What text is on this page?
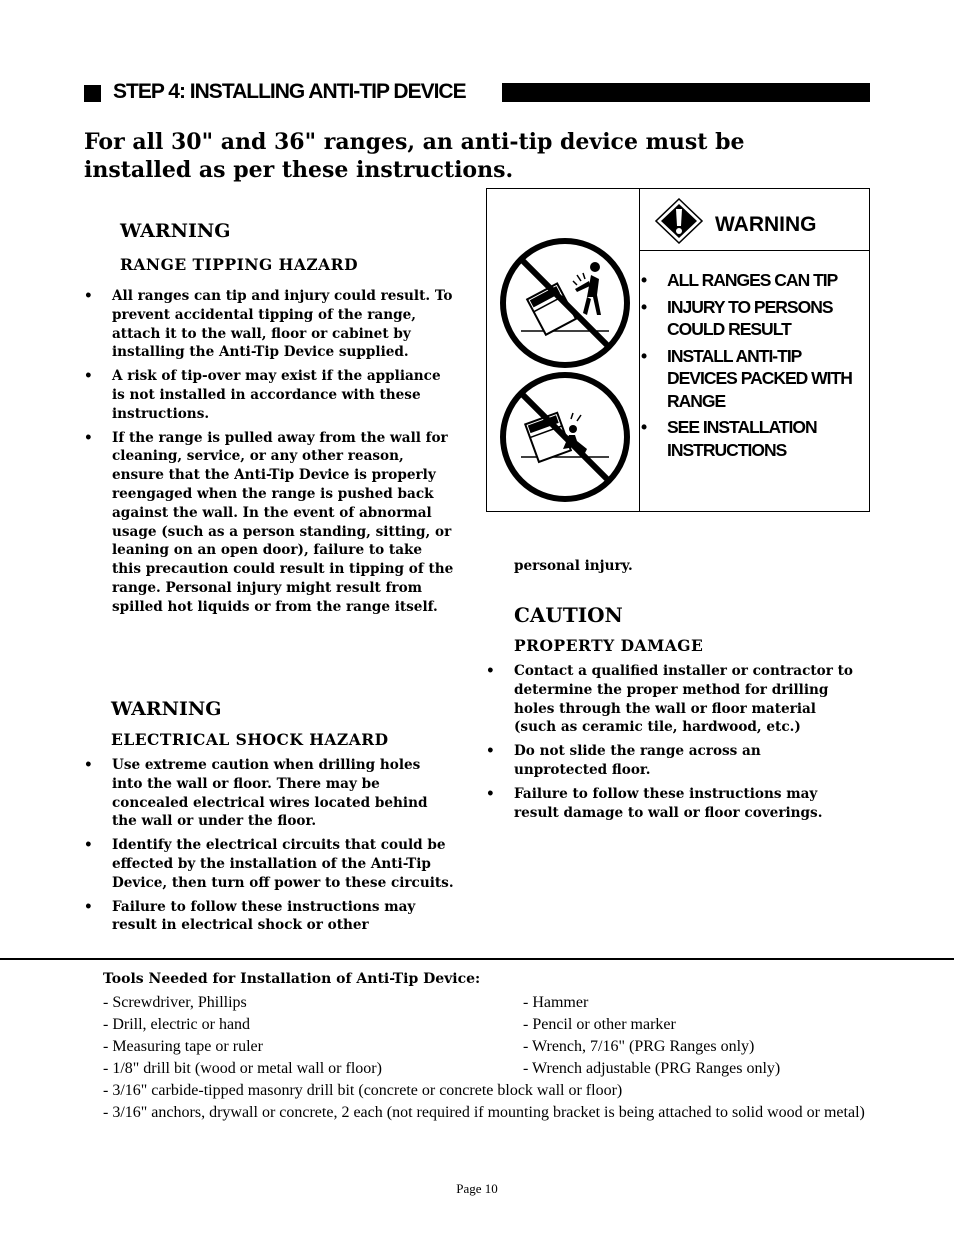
STEP 4: INSTALLING ANTI-TIP DEVICE
For all 30" and 36" ranges, an anti-tip device must be installed as per these instructions.
WARNING
RANGE TIPPING HAZARD
• All ranges can tip and injury could result. To prevent accidental tipping of the range, attach it to the wall, floor or cabinet by installing the Anti-Tip Device supplied.
• A risk of tip-over may exist if the appliance is not installed in accordance with these instructions.
• If the range is pulled away from the wall for cleaning, service, or any other reason, ensure that the Anti-Tip Device is properly reengaged when the range is pushed back against the wall. In the event of abnormal usage (such as a person standing, sitting, or leaning on an open door), failure to take this precaution could result in tipping of the range. Personal injury might result from spilled hot liquids or from the range itself.
WARNING
ELECTRICAL SHOCK HAZARD
• Use extreme caution when drilling holes into the wall or floor. There may be concealed electrical wires located behind the wall or under the floor.
• Identify the electrical circuits that could be effected by the installation of the Anti-Tip Device, then turn off power to these circuits.
• Failure to follow these instructions may result in electrical shock or other
WARNING
• ALL RANGES CAN TIP
• INJURY TO PERSONS COULD RESULT
• INSTALL ANTI-TIP DEVICES PACKED WITH RANGE
• SEE INSTALLATION INSTRUCTIONS
personal injury.
CAUTION
PROPERTY DAMAGE
• Contact a qualified installer or contractor to determine the proper method for drilling holes through the wall or floor material (such as ceramic tile, hardwood, etc.)
• Do not slide the range across an unprotected floor.
• Failure to follow these instructions may result damage to wall or floor coverings.
Tools Needed for Installation of Anti-Tip Device:
- Screwdriver, Phillips
- Drill, electric or hand
- Measuring tape or ruler
- 1/8" drill bit (wood or metal wall or floor)
- Hammer
- Pencil or other marker
- Wrench, 7/16" (PRG Ranges only)
- Wrench adjustable (PRG Ranges only)
- 3/16" carbide-tipped masonry drill bit (concrete or concrete block wall or floor)
- 3/16" anchors, drywall or concrete, 2 each (not required if mounting bracket is being attached to solid wood or metal)
Page 10
